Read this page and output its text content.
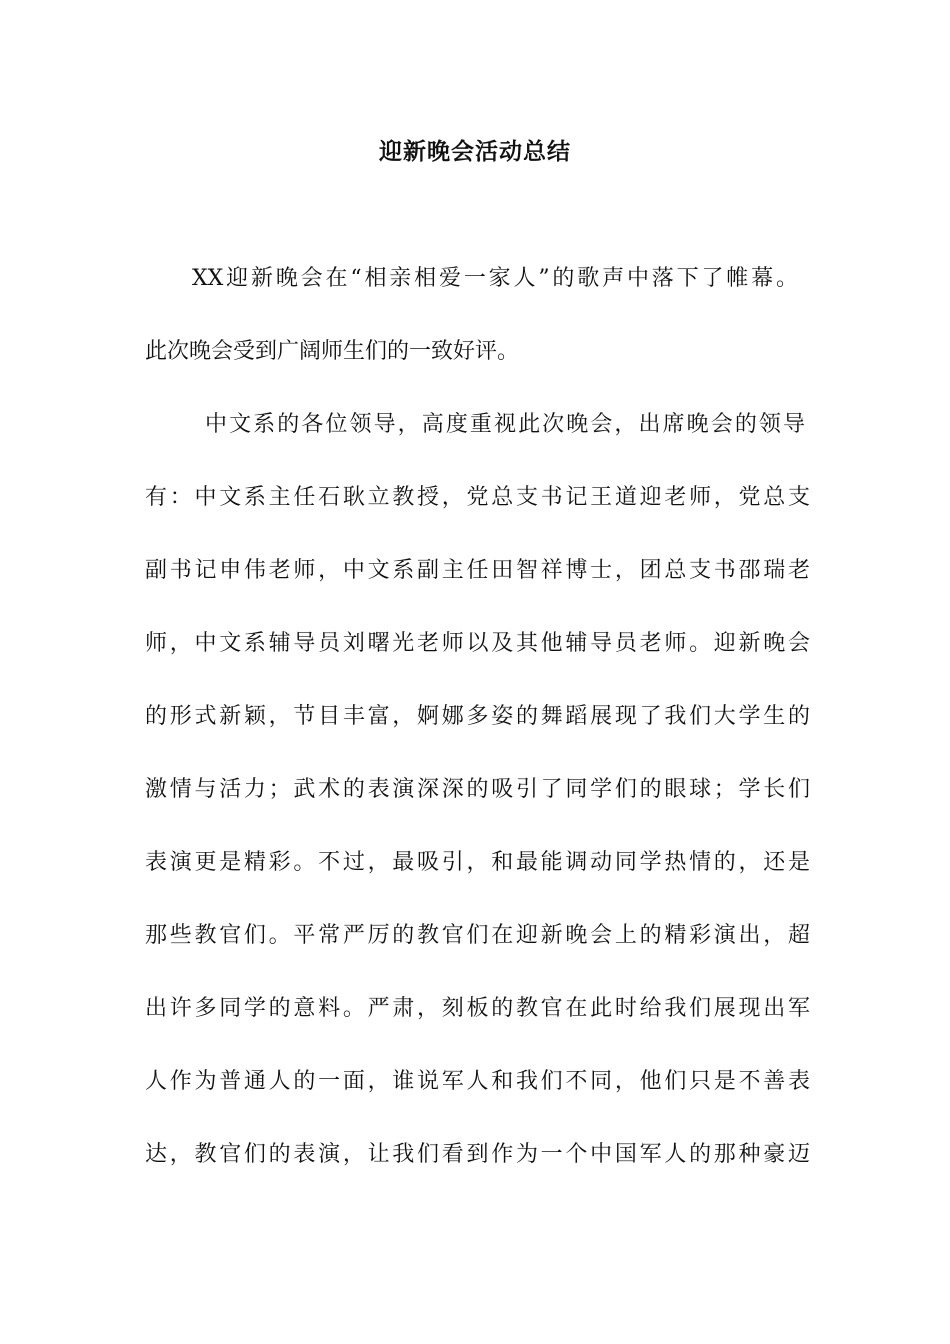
迎新晚会活动总结
XX迎新晚会在“相亲相爱一家人”的歌声中落下了帷幕。
此次晚会受到广阔师生们的一致好评。
中文系的各位领导，高度重视此次晚会，出席晚会的领导
有：中文系主任石耿立教授，党总支书记王道迎老师，党总支
副书记申伟老师，中文系副主任田智祥博士，团总支书邵瑞老
师，中文系辅导员刘曙光老师以及其他辅导员老师。迎新晚会
的形式新颖，节目丰富，婀娜多姿的舞蹈展现了我们大学生的
激情与活力；武术的表演深深的吸引了同学们的眼球；学长们
表演更是精彩。不过，最吸引，和最能调动同学热情的，还是
那些教官们。平常严厉的教官们在迎新晚会上的精彩演出，超
出许多同学的意料。严肃，刻板的教官在此时给我们展现出军
人作为普通人的一面，谁说军人和我们不同，他们只是不善表
达，教官们的表演，让我们看到作为一个中国军人的那种豪迈
